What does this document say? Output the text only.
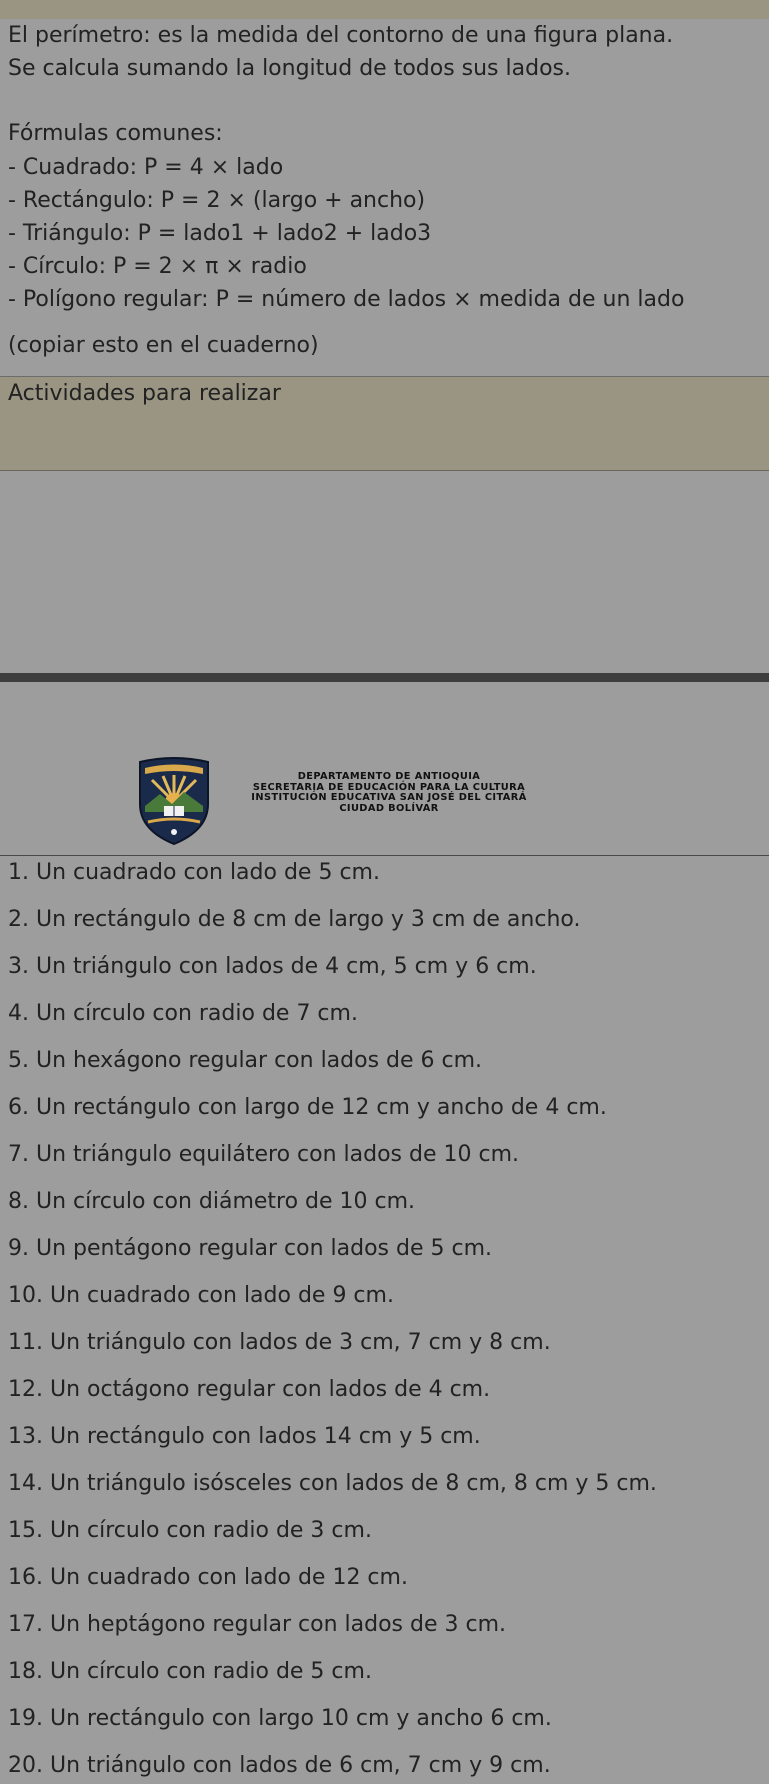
El perímetro: es la medida del contorno de una figura plana.
Se calcula sumando la longitud de todos sus lados.
Fórmulas comunes:
- Cuadrado: P = 4 × lado
- Rectángulo: P = 2 × (largo + ancho)
- Triángulo: P = lado1 + lado2 + lado3
- Círculo: P = 2 × π × radio
- Polígono regular: P = número de lados × medida de un lado
(copiar esto en el cuaderno)
Actividades para realizar
DEPARTAMENTO DE ANTIOQUIA
SECRETARIA DE EDUCACIÓN PARA LA CULTURA
INSTITUCIÓN EDUCATIVA SAN JOSÉ DEL CITARÁ
CIUDAD BOLÍVAR
1. Un cuadrado con lado de 5 cm.
2. Un rectángulo de 8 cm de largo y 3 cm de ancho.
3. Un triángulo con lados de 4 cm, 5 cm y 6 cm.
4. Un círculo con radio de 7 cm.
5. Un hexágono regular con lados de 6 cm.
6. Un rectángulo con largo de 12 cm y ancho de 4 cm.
7. Un triángulo equilátero con lados de 10 cm.
8. Un círculo con diámetro de 10 cm.
9. Un pentágono regular con lados de 5 cm.
10. Un cuadrado con lado de 9 cm.
11. Un triángulo con lados de 3 cm, 7 cm y 8 cm.
12. Un octágono regular con lados de 4 cm.
13. Un rectángulo con lados 14 cm y 5 cm.
14. Un triángulo isósceles con lados de 8 cm, 8 cm y 5 cm.
15. Un círculo con radio de 3 cm.
16. Un cuadrado con lado de 12 cm.
17. Un heptágono regular con lados de 3 cm.
18. Un círculo con radio de 5 cm.
19. Un rectángulo con largo 10 cm y ancho 6 cm.
20. Un triángulo con lados de 6 cm, 7 cm y 9 cm.
